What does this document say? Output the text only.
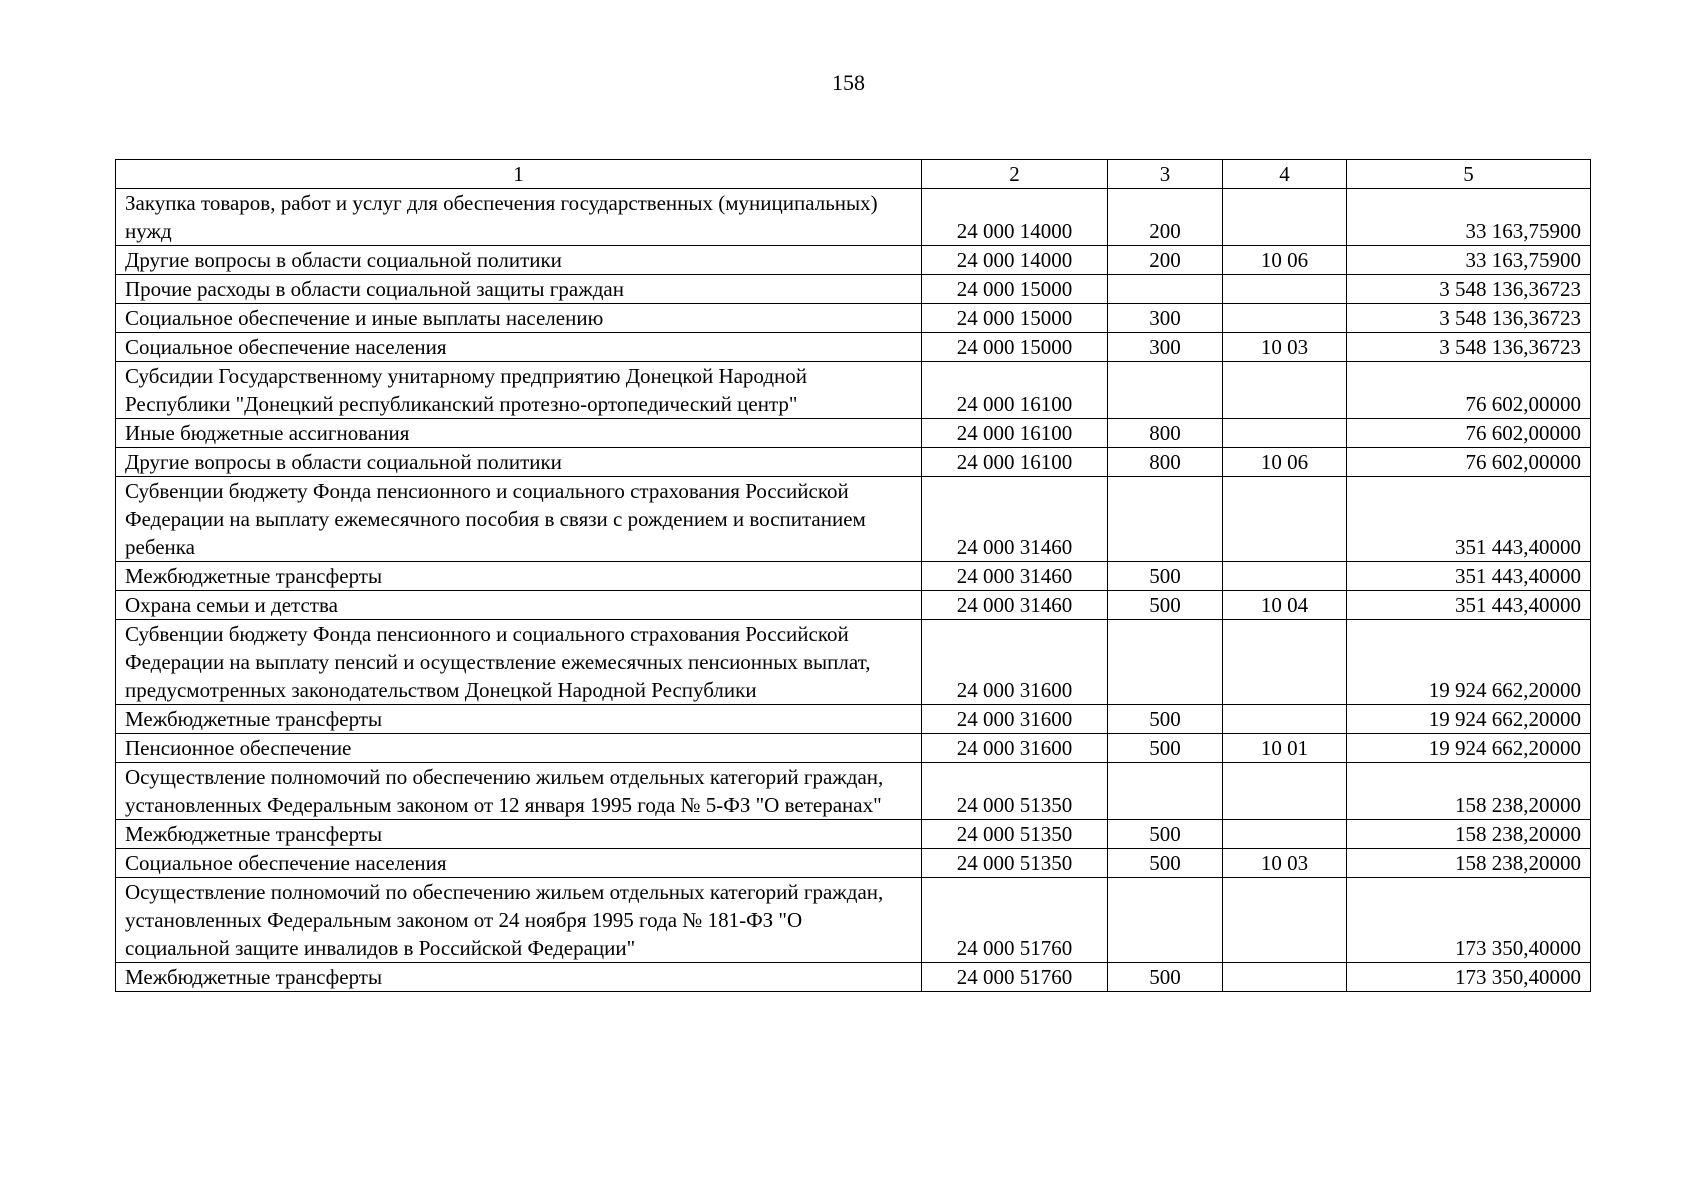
158
1	2	3	4	5
Закупка товаров, работ и услуг для обеспечения государственных (муниципальных) нужд	24 000 14000	200		33 163,75900
Другие вопросы в области социальной политики	24 000 14000	200	10 06	33 163,75900
Прочие расходы в области социальной защиты граждан	24 000 15000			3 548 136,36723
Социальное обеспечение и иные выплаты населению	24 000 15000	300		3 548 136,36723
Социальное обеспечение населения	24 000 15000	300	10 03	3 548 136,36723
Субсидии Государственному унитарному предприятию Донецкой Народной Республики "Донецкий республиканский протезно-ортопедический центр"	24 000 16100			76 602,00000
Иные бюджетные ассигнования	24 000 16100	800		76 602,00000
Другие вопросы в области социальной политики	24 000 16100	800	10 06	76 602,00000
Субвенции бюджету Фонда пенсионного и социального страхования Российской Федерации на выплату ежемесячного пособия в связи с рождением и воспитанием ребенка	24 000 31460			351 443,40000
Межбюджетные трансферты	24 000 31460	500		351 443,40000
Охрана семьи и детства	24 000 31460	500	10 04	351 443,40000
Субвенции бюджету Фонда пенсионного и социального страхования Российской Федерации на выплату пенсий и осуществление ежемесячных пенсионных выплат, предусмотренных законодательством Донецкой Народной Республики	24 000 31600			19 924 662,20000
Межбюджетные трансферты	24 000 31600	500		19 924 662,20000
Пенсионное обеспечение	24 000 31600	500	10 01	19 924 662,20000
Осуществление полномочий по обеспечению жильем отдельных категорий граждан, установленных Федеральным законом от 12 января 1995 года № 5-ФЗ "О ветеранах"	24 000 51350			158 238,20000
Межбюджетные трансферты	24 000 51350	500		158 238,20000
Социальное обеспечение населения	24 000 51350	500	10 03	158 238,20000
Осуществление полномочий по обеспечению жильем отдельных категорий граждан, установленных Федеральным законом от 24 ноября 1995 года № 181-ФЗ "О социальной защите инвалидов в Российской Федерации"	24 000 51760			173 350,40000
Межбюджетные трансферты	24 000 51760	500		173 350,40000
